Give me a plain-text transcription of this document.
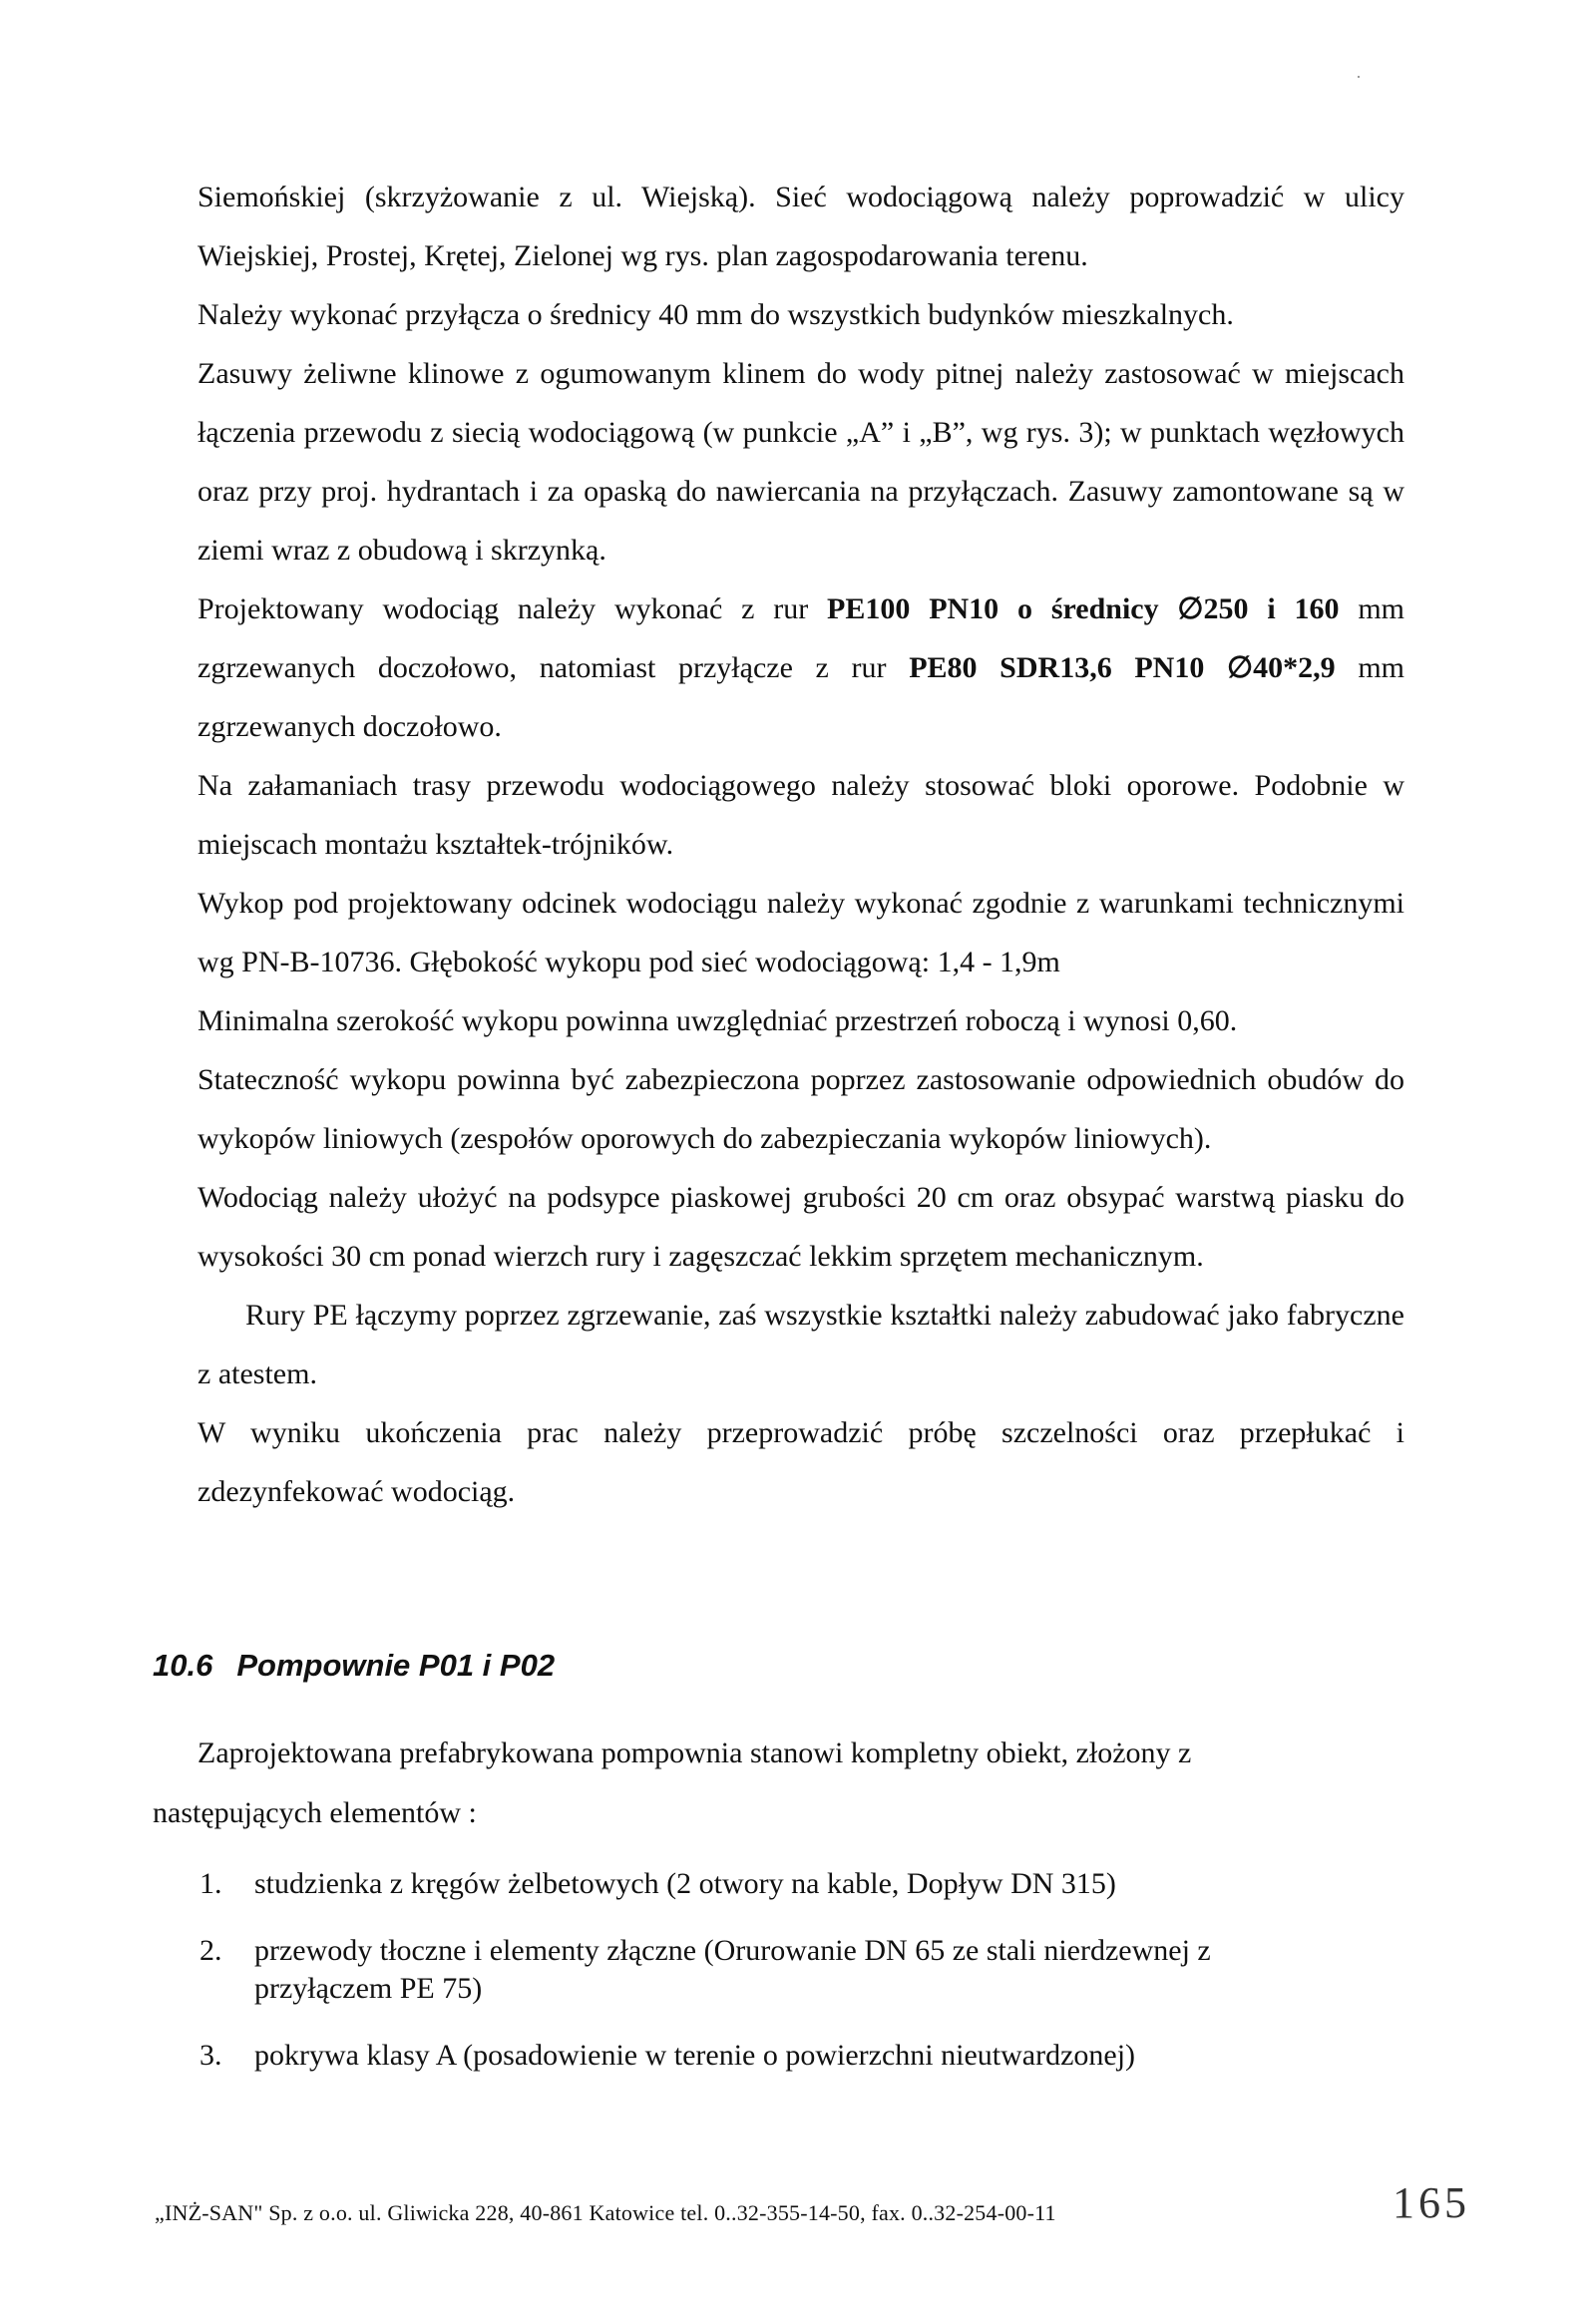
Siemońskiej (skrzyżowanie z ul. Wiejską). Sieć wodociągową należy poprowadzić w ulicy Wiejskiej, Prostej, Krętej, Zielonej wg rys. plan zagospodarowania terenu.

Należy wykonać przyłącza o średnicy 40 mm do wszystkich budynków mieszkalnych.

Zasuwy żeliwne klinowe z ogumowanym klinem do wody pitnej należy zastosować w miejscach łączenia przewodu z siecią wodociągową (w punkcie „A” i „B”, wg rys. 3); w punktach węzłowych oraz przy proj. hydrantach i za opaską do nawiercania na przyłączach. Zasuwy zamontowane są w ziemi wraz z obudową i skrzynką.

Projektowany wodociąg należy wykonać z rur PE100 PN10 o średnicy ∅250 i 160 mm zgrzewanych doczołowo, natomiast przyłącze z rur PE80 SDR13,6 PN10 ∅40*2,9 mm zgrzewanych doczołowo.

Na załamaniach trasy przewodu wodociągowego należy stosować bloki oporowe. Podobnie w miejscach montażu kształtek-trójników.

Wykop pod projektowany odcinek wodociągu należy wykonać zgodnie z warunkami technicznymi wg PN-B-10736. Głębokość wykopu pod sieć wodociągową: 1,4 - 1,9m

Minimalna szerokość wykopu powinna uwzględniać przestrzeń roboczą i wynosi 0,60.

Stateczność wykopu powinna być zabezpieczona poprzez zastosowanie odpowiednich obudów do wykopów liniowych (zespołów oporowych do zabezpieczania wykopów liniowych).

Wodociąg należy ułożyć na podsypce piaskowej grubości 20 cm oraz obsypać warstwą piasku do wysokości 30 cm ponad wierzch rury i zagęszczać lekkim sprzętem mechanicznym.

Rury PE łączymy poprzez zgrzewanie, zaś wszystkie kształtki należy zabudować jako fabryczne z atestem.

W wyniku ukończenia prac należy przeprowadzić próbę szczelności oraz przepłukać i zdezynfekować wodociąg.

10.6 Pompownie P01 i P02

Zaprojektowana prefabrykowana pompownia stanowi kompletny obiekt, złożony z

następujących elementów :

1.	studzienka z kręgów żelbetowych (2 otwory na kable, Dopływ DN 315)
2.	przewody tłoczne i elementy złączne (Orurowanie DN 65 ze stali nierdzewnej z przyłączem PE 75)
3.	pokrywa klasy A (posadowienie w terenie o powierzchni nieutwardzonej)
„INŻ-SAN" Sp. z o.o. ul. Gliwicka 228, 40-861 Katowice tel. 0..32-355-14-50, fax. 0..32-254-00-11	165
